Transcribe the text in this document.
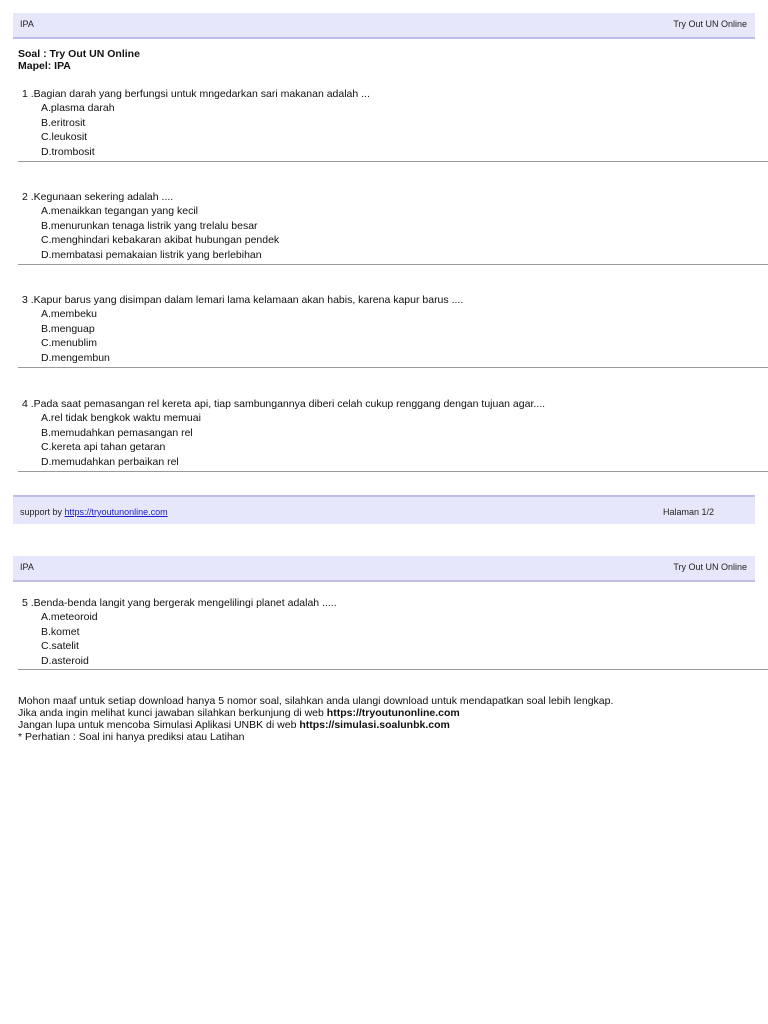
IPA	Try Out UN Online
Soal : Try Out UN Online
Mapel: IPA
1 .Bagian darah yang berfungsi untuk mngedarkan sari makanan adalah ...
A.plasma darah
B.eritrosit
C.leukosit
D.trombosit
2 .Kegunaan sekering adalah ....
A.menaikkan tegangan yang kecil
B.menurunkan tenaga listrik yang trelalu besar
C.menghindari kebakaran akibat hubungan pendek
D.membatasi pemakaian listrik yang berlebihan
3 .Kapur barus yang disimpan dalam lemari lama kelamaan akan habis, karena kapur barus ....
A.membeku
B.menguap
C.menublim
D.mengembun
4 .Pada saat pemasangan rel kereta api, tiap sambungannya diberi celah cukup renggang dengan tujuan agar....
A.rel tidak bengkok waktu memuai
B.memudahkan pemasangan rel
C.kereta api tahan getaran
D.memudahkan perbaikan rel
support by https://tryoutunonline.com	Halaman 1/2
IPA	Try Out UN Online
5 .Benda-benda langit yang bergerak mengelilingi planet adalah .....
A.meteoroid
B.komet
C.satelit
D.asteroid
Mohon maaf untuk setiap download hanya 5 nomor soal, silahkan anda ulangi download untuk mendapatkan soal lebih lengkap.
Jika anda ingin melihat kunci jawaban silahkan berkunjung di web https://tryoutunonline.com
Jangan lupa untuk mencoba Simulasi Aplikasi UNBK di web https://simulasi.soalunbk.com
* Perhatian : Soal ini hanya prediksi atau Latihan
